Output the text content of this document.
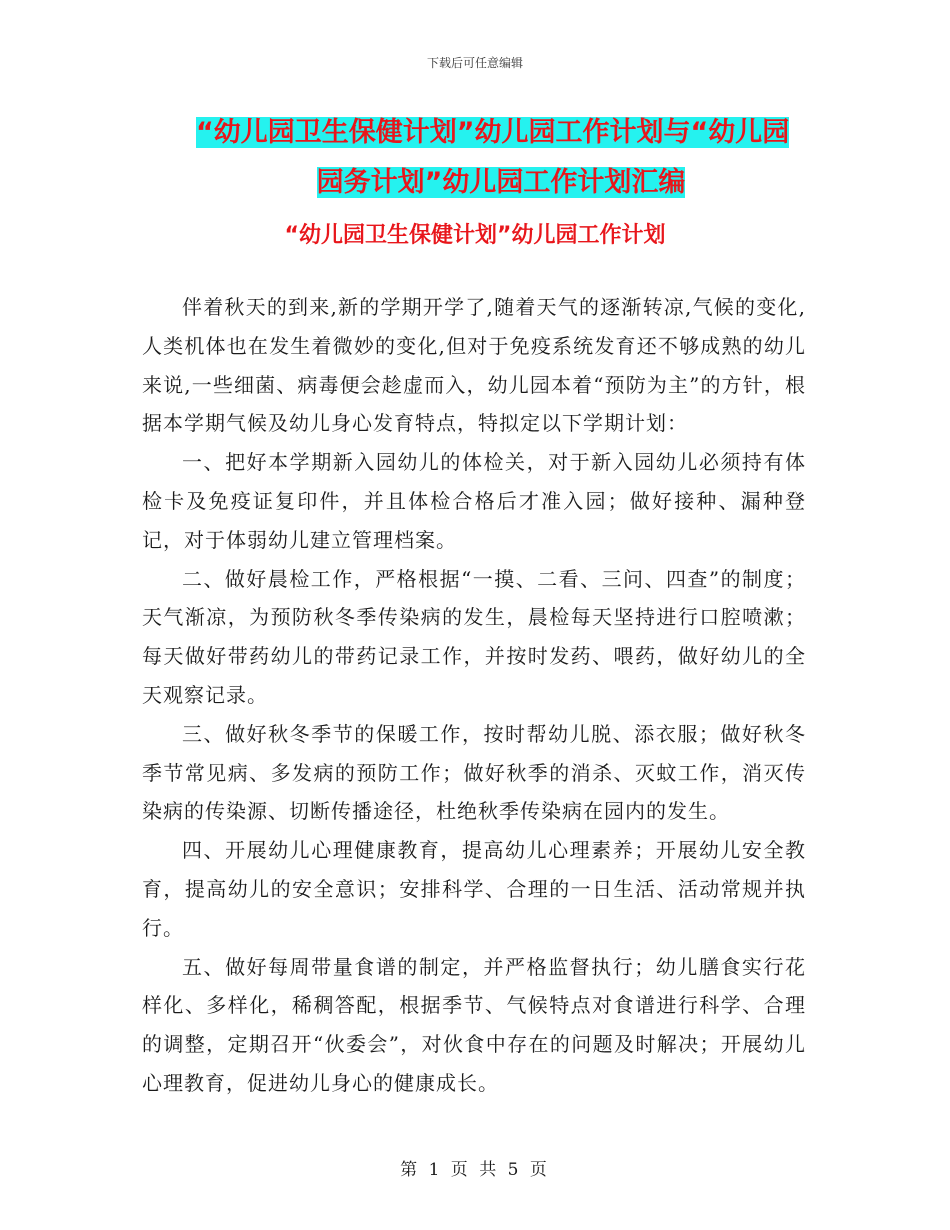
下载后可任意编辑
“幼儿园卫生保健计划”幼儿园工作计划与“幼儿园
园务计划”幼儿园工作计划汇编
“幼儿园卫生保健计划”幼儿园工作计划

伴着秋天的到来,新的学期开学了,随着天气的逐渐转凉,气候的变化,人类机体也在发生着微妙的变化,但对于免疫系统发育还不够成熟的幼儿来说,一些细菌、病毒便会趁虚而入，幼儿园本着“预防为主”的方针，根据本学期气候及幼儿身心发育特点，特拟定以下学期计划：

一、把好本学期新入园幼儿的体检关，对于新入园幼儿必须持有体检卡及免疫证复印件，并且体检合格后才准入园；做好接种、漏种登记，对于体弱幼儿建立管理档案。

二、做好晨检工作，严格根据“一摸、二看、三问、四查”的制度；天气渐凉，为预防秋冬季传染病的发生，晨检每天坚持进行口腔喷漱；每天做好带药幼儿的带药记录工作，并按时发药、喂药，做好幼儿的全天观察记录。

三、做好秋冬季节的保暖工作，按时帮幼儿脱、添衣服；做好秋冬季节常见病、多发病的预防工作；做好秋季的消杀、灭蚊工作，消灭传染病的传染源、切断传播途径，杜绝秋季传染病在园内的发生。

四、开展幼儿心理健康教育，提高幼儿心理素养；开展幼儿安全教育，提高幼儿的安全意识；安排科学、合理的一日生活、活动常规并执行。

五、做好每周带量食谱的制定，并严格监督执行；幼儿膳食实行花样化、多样化，稀稠答配，根据季节、气候特点对食谱进行科学、合理的调整，定期召开“伙委会”，对伙食中存在的问题及时解决；开展幼儿心理教育，促进幼儿身心的健康成长。

第 1 页 共 5 页
